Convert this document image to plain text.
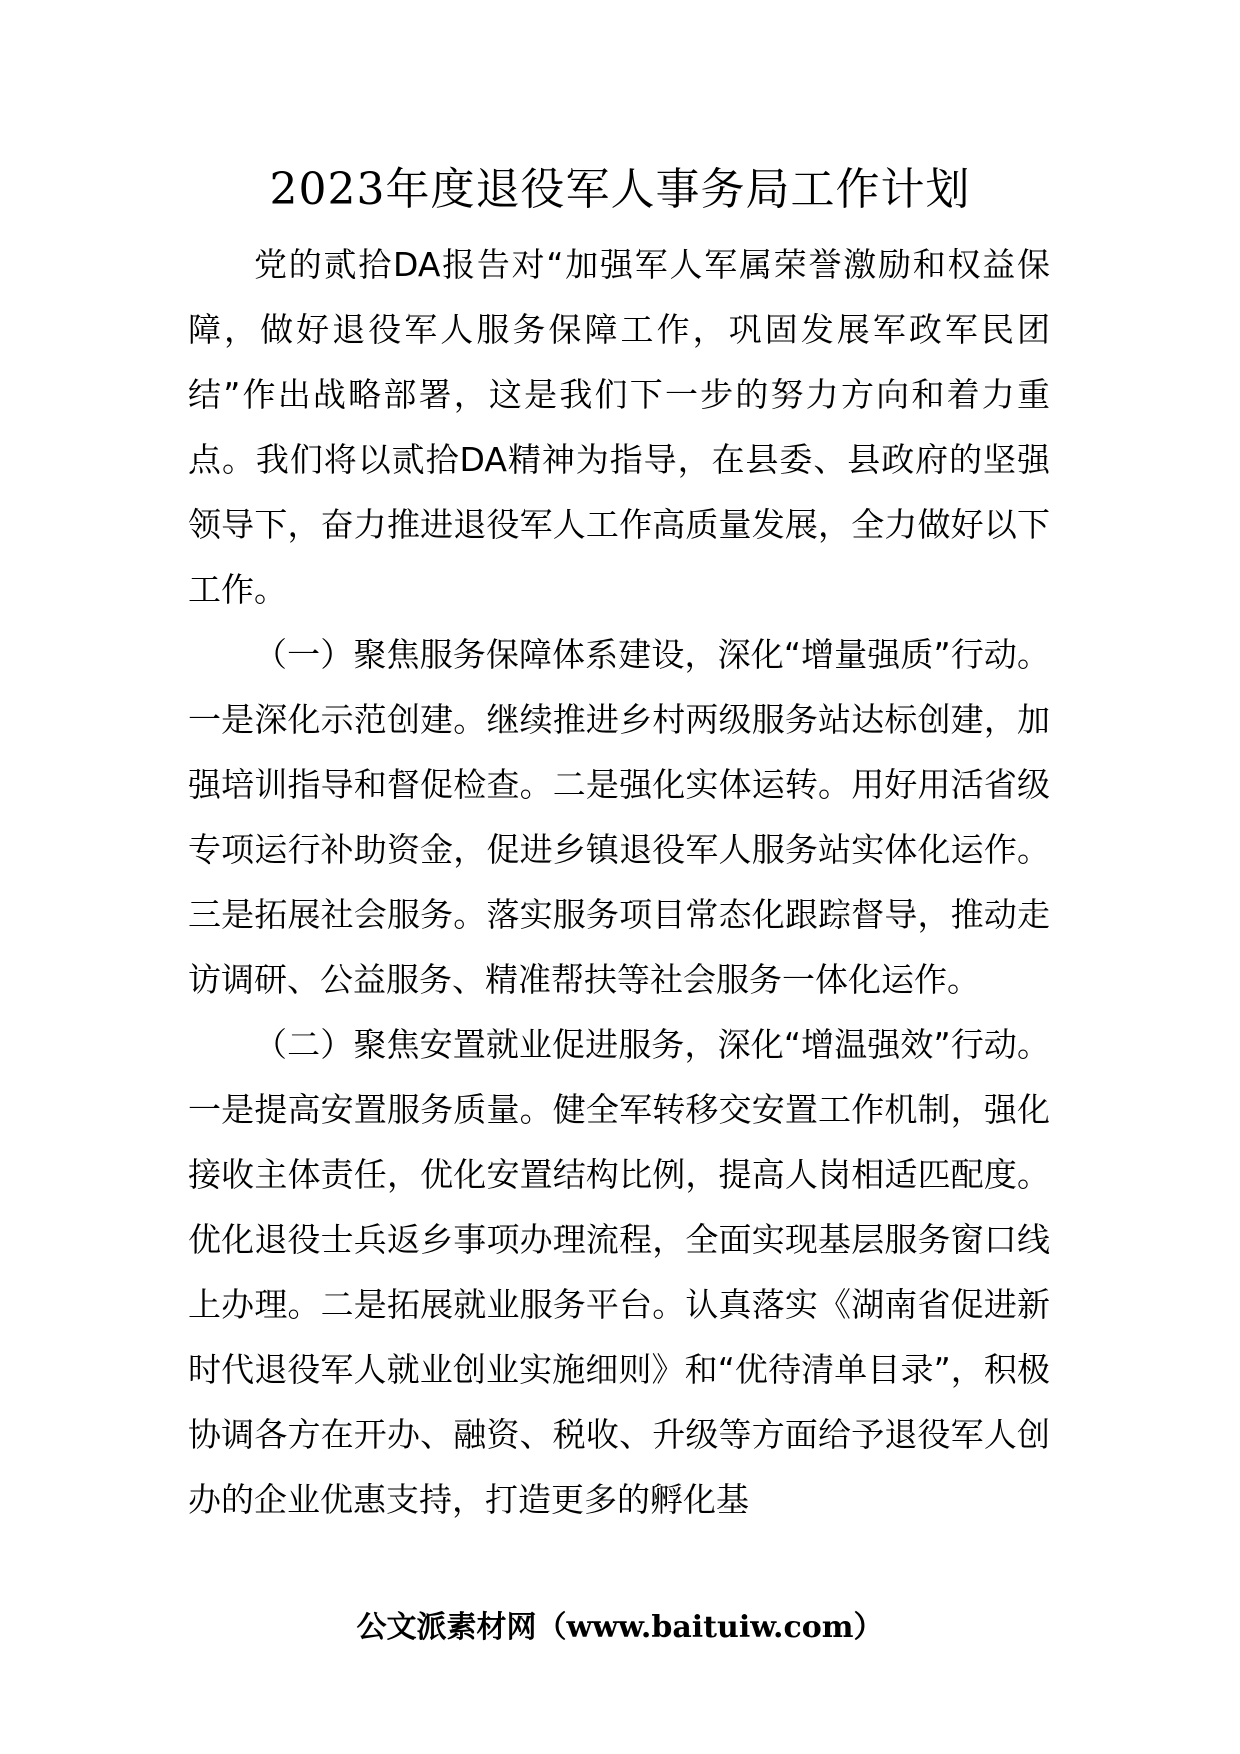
2023年度退役军人事务局工作计划

党的贰拾DA报告对“加强军人军属荣誉激励和权益保障，做好退役军人服务保障工作，巩固发展军政军民团结”作出战略部署，这是我们下一步的努力方向和着力重点。我们将以贰拾DA精神为指导，在县委、县政府的坚强领导下，奋力推进退役军人工作高质量发展，全力做好以下工作。

（一）聚焦服务保障体系建设，深化“增量强质”行动。一是深化示范创建。继续推进乡村两级服务站达标创建，加强培训指导和督促检查。二是强化实体运转。用好用活省级专项运行补助资金，促进乡镇退役军人服务站实体化运作。三是拓展社会服务。落实服务项目常态化跟踪督导，推动走访调研、公益服务、精准帮扶等社会服务一体化运作。

（二）聚焦安置就业促进服务，深化“增温强效”行动。一是提高安置服务质量。健全军转移交安置工作机制，强化接收主体责任，优化安置结构比例，提高人岗相适匹配度。优化退役士兵返乡事项办理流程，全面实现基层服务窗口线上办理。二是拓展就业服务平台。认真落实《湖南省促进新时代退役军人就业创业实施细则》和“优待清单目录”，积极协调各方在开办、融资、税收、升级等方面给予退役军人创办的企业优惠支持，打造更多的孵化基

公文派素材网（www.baituiw.com）
